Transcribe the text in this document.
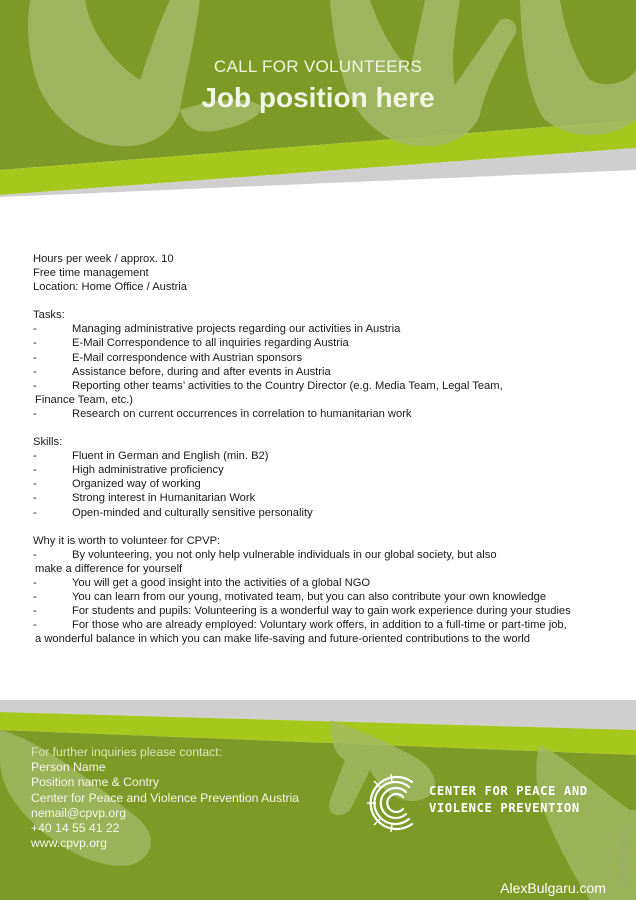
CALL FOR VOLUNTEERS
Job position here

Hours per week / approx. 10

Free time management

Location: Home Office / Austria

Tasks:

-	Managing administrative projects regarding our activities in Austria
-	E-Mail Correspondence to all inquiries regarding Austria
-	E-Mail correspondence with Austrian sponsors
-	Assistance before, during and after events in Austria
-	Reporting other teams’ activities to the Country Director (e.g. Media Team, Legal Team,

Finance Team, etc.)

-	Research on current occurrences in correlation to humanitarian work

Skills:

-	Fluent in German and English (min. B2)
-	High administrative proficiency
-	Organized way of working
-	Strong interest in Humanitarian Work
-	Open-minded and culturally sensitive personality

Why it is worth to volunteer for CPVP:

-	By volunteering, you not only help vulnerable individuals in our global society, but also

make a difference for yourself

-	You will get a good insight into the activities of a global NGO
-	You can learn from our young, motivated team, but you can also contribute your own knowledge
-	For students and pupils: Volunteering is a wonderful way to gain work experience during your studies
-	For those who are already employed: Voluntary work offers, in addition to a full-time or part-time job,

a wonderful balance in which you can make life-saving and future-oriented contributions to the world

For further inquiries please contact:

Person Name

Position name & Contry

Center for Peace and Violence Prevention Austria

nemail@cpvp.org

+40 14 55 41 22

www.cpvp.org

CENTER FOR PEACE AND

VIOLENCE PREVENTION

AlexBulgaru.com art by @bulgarualex
